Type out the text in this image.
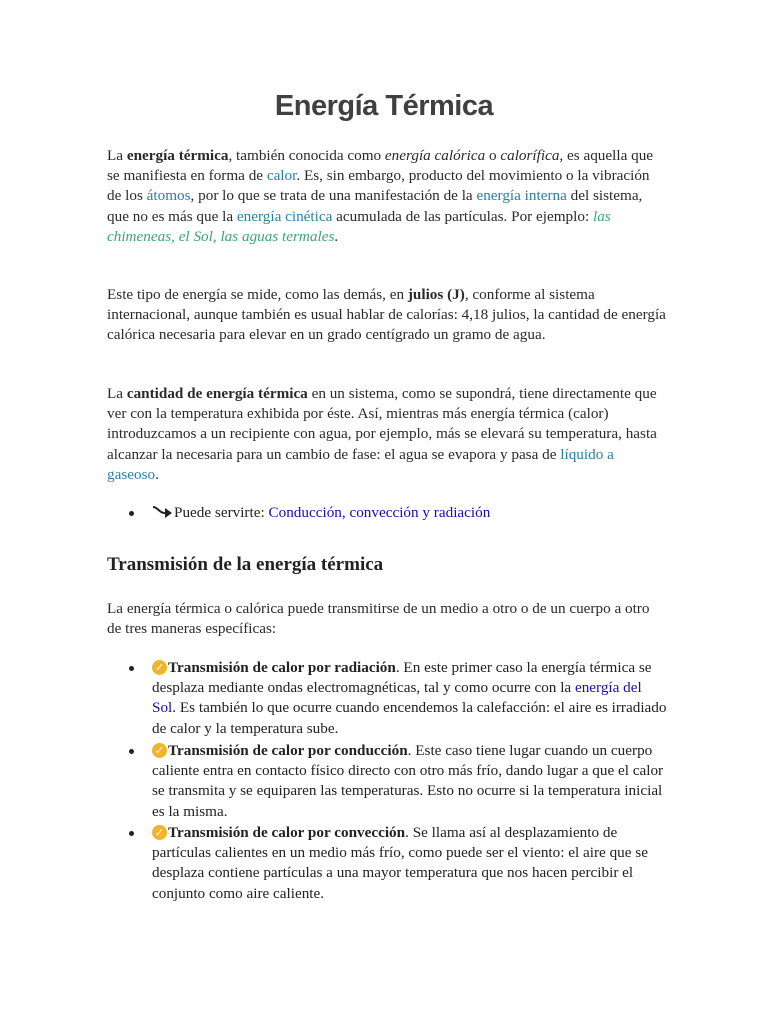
Energía Térmica
La energía térmica, también conocida como energía calórica o calorífica, es aquella que se manifiesta en forma de calor. Es, sin embargo, producto del movimiento o la vibración de los átomos, por lo que se trata de una manifestación de la energía interna del sistema, que no es más que la energía cinética acumulada de las partículas. Por ejemplo: las chimeneas, el Sol, las aguas termales.
Este tipo de energía se mide, como las demás, en julios (J), conforme al sistema internacional, aunque también es usual hablar de calorías: 4,18 julios, la cantidad de energía calórica necesaria para elevar en un grado centígrado un gramo de agua.
La cantidad de energía térmica en un sistema, como se supondrá, tiene directamente que ver con la temperatura exhibida por éste. Así, mientras más energía térmica (calor) introduzcamos a un recipiente con agua, por ejemplo, más se elevará su temperatura, hasta alcanzar la necesaria para un cambio de fase: el agua se evapora y pasa de líquido a gaseoso.
Puede servirte: Conducción, convección y radiación
Transmisión de la energía térmica
La energía térmica o calórica puede transmitirse de un medio a otro o de un cuerpo a otro de tres maneras específicas:
✓ Transmisión de calor por radiación. En este primer caso la energía térmica se desplaza mediante ondas electromagnéticas, tal y como ocurre con la energía del Sol. Es también lo que ocurre cuando encendemos la calefacción: el aire es irradiado de calor y la temperatura sube.
✓ Transmisión de calor por conducción. Este caso tiene lugar cuando un cuerpo caliente entra en contacto físico directo con otro más frío, dando lugar a que el calor se transmita y se equiparen las temperaturas. Esto no ocurre si la temperatura inicial es la misma.
✓ Transmisión de calor por convección. Se llama así al desplazamiento de partículas calientes en un medio más frío, como puede ser el viento: el aire que se desplaza contiene partículas a una mayor temperatura que nos hacen percibir el conjunto como aire caliente.
